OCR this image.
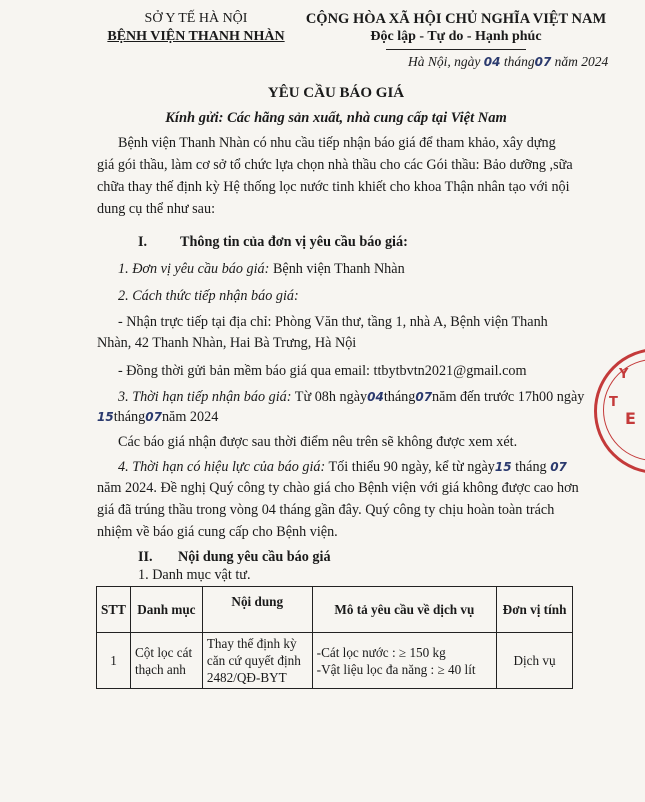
SỞ Y TẾ HÀ NỘI
BỆNH VIỆN THANH NHÀN
CỘNG HÒA XÃ HỘI CHỦ NGHĨA VIỆT NAM
Độc lập - Tự do - Hạnh phúc
Hà Nội, ngày 04 tháng07 năm 2024
YÊU CẦU BÁO GIÁ
Kính gửi: Các hãng sản xuất, nhà cung cấp tại Việt Nam
Bệnh viện Thanh Nhàn có nhu cầu tiếp nhận báo giá để tham khảo, xây dựng
giá gói thầu, làm cơ sở tổ chức lựa chọn nhà thầu cho các Gói thầu: Bảo dưỡng ,sữa
chữa thay thế định kỳ Hệ thống lọc nước tinh khiết cho khoa Thận nhân tạo với nội
dung cụ thể như sau:
I. Thông tin của đơn vị yêu cầu báo giá:
1. Đơn vị yêu cầu báo giá: Bệnh viện Thanh Nhàn
2. Cách thức tiếp nhận báo giá:
- Nhận trực tiếp tại địa chỉ: Phòng Văn thư, tầng 1, nhà A, Bệnh viện Thanh
Nhàn, 42 Thanh Nhàn, Hai Bà Trưng, Hà Nội
- Đồng thời gửi bản mềm báo giá qua email: ttbytbvtn2021@gmail.com
3. Thời hạn tiếp nhận báo giá: Từ 08h ngày04tháng07năm đến trước 17h00 ngày
15tháng07năm 2024
Các báo giá nhận được sau thời điểm nêu trên sẽ không được xem xét.
4. Thời hạn có hiệu lực của báo giá: Tối thiểu 90 ngày, kể từ ngày15 tháng 07
năm 2024. Đề nghị Quý công ty chào giá cho Bệnh viện với giá không được cao hơn
giá đã trúng thầu trong vòng 04 tháng gần đây. Quý công ty chịu hoàn toàn trách
nhiệm về báo giá cung cấp cho Bệnh viện.
II. Nội dung yêu cầu báo giá
1. Danh mục vật tư.
STT	Danh mục	Nội dung	Mô tả yêu cầu về dịch vụ	Đơn vị tính
1	Cột lọc cát thạch anh	Thay thế định kỳ căn cứ quyết định 2482/QĐ-BYT	-Cát lọc nước : ≥ 150 kg
-Vật liệu lọc đa năng : ≥ 40 lít	Dịch vụ
Y
T
E
